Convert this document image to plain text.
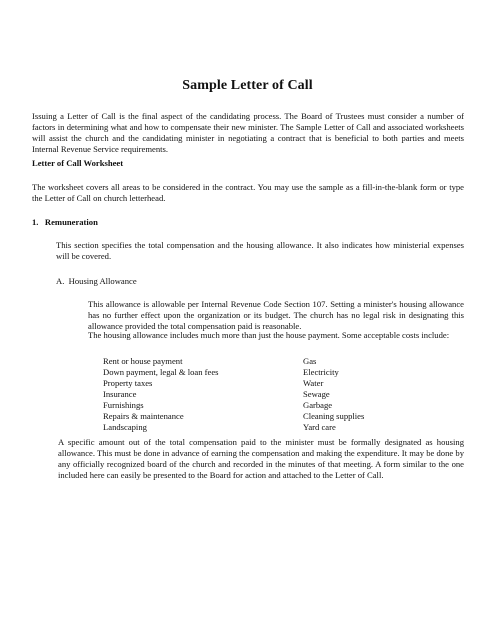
Sample Letter of Call

Issuing a Letter of Call is the final aspect of the candidating process. The Board of Trustees must consider a number of factors in determining what and how to compensate their new minister. The Sample Letter of Call and associated worksheets will assist the church and the candidating minister in negotiating a contract that is beneficial to both parties and meets Internal Revenue Service requirements.

Letter of Call Worksheet

The worksheet covers all areas to be considered in the contract. You may use the sample as a fill-in-the-blank form or type the Letter of Call on church letterhead.

1.   Remuneration

This section specifies the total compensation and the housing allowance. It also indicates how ministerial expenses will be covered.

A.  Housing Allowance

This allowance is allowable per Internal Revenue Code Section 107. Setting a minister's housing allowance has no further effect upon the organization or its budget. The church has no legal risk in designating this allowance provided the total compensation paid is reasonable.

The housing allowance includes much more than just the house payment. Some acceptable costs include:

Rent or house payment	Gas
Down payment, legal & loan fees	Electricity
Property taxes	Water
Insurance	Sewage
Furnishings	Garbage
Repairs & maintenance	Cleaning supplies
Landscaping	Yard care

A specific amount out of the total compensation paid to the minister must be formally designated as housing allowance. This must be done in advance of earning the compensation and making the expenditure. It may be done by any officially recognized board of the church and recorded in the minutes of that meeting. A form similar to the one included here can easily be presented to the Board for action and attached to the Letter of Call.
